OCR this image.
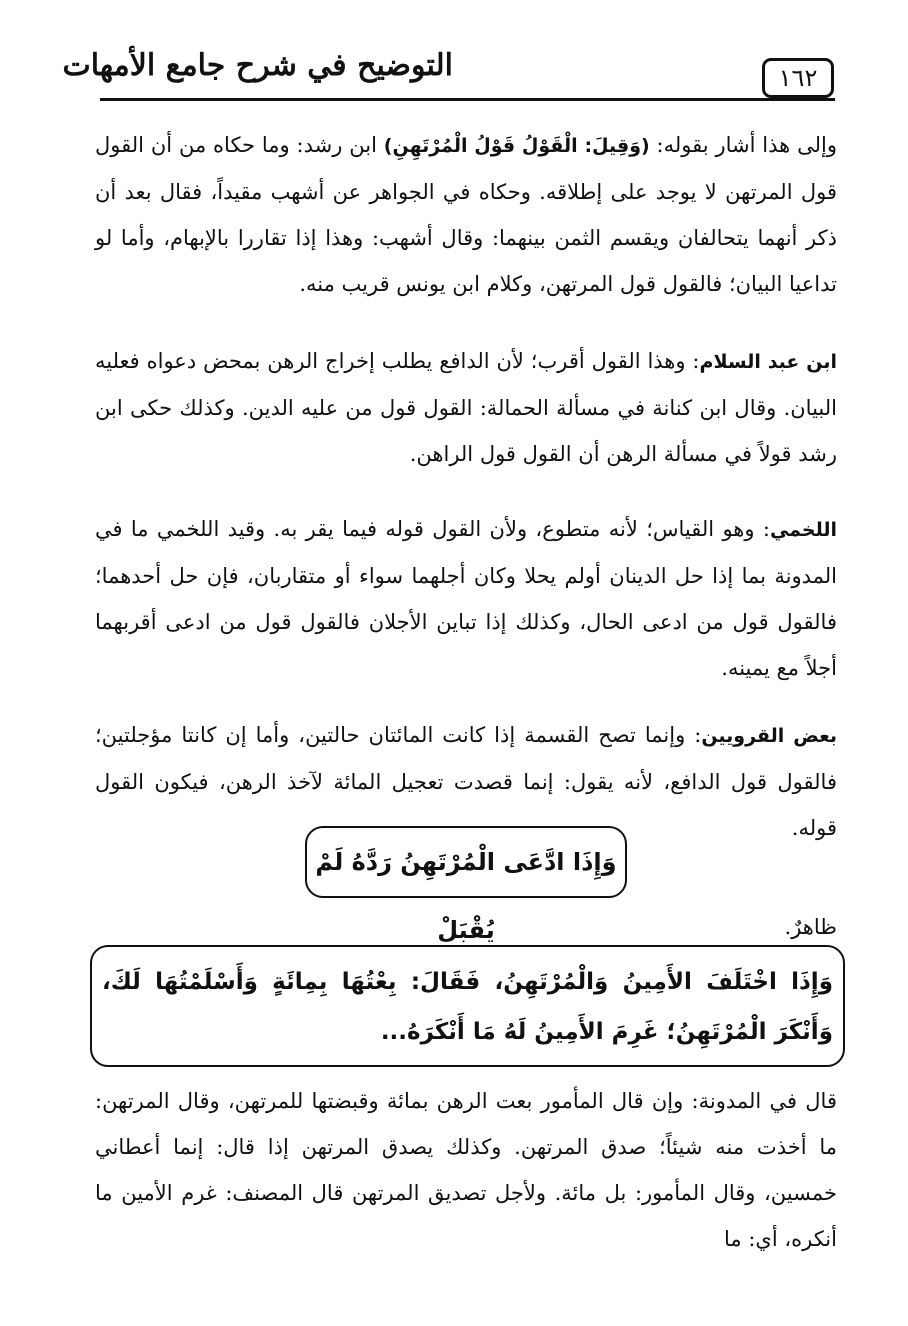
التوضيح في شرح جامع الأمهات	١٦٢
وإلى هذا أشار بقوله: (وَقِيلَ: الْقَوْلُ قَوْلُ الْمُرْتَهِنِ) ابن رشد: وما حكاه من أن القول قول المرتهن لا يوجد على إطلاقه. وحكاه في الجواهر عن أشهب مقيداً، فقال بعد أن ذكر أنهما يتحالفان ويقسم الثمن بينهما: وقال أشهب: وهذا إذا تقاررا بالإبهام، وأما لو تداعيا البيان؛ فالقول قول المرتهن، وكلام ابن يونس قريب منه.
ابن عبد السلام: وهذا القول أقرب؛ لأن الدافع يطلب إخراج الرهن بمحض دعواه فعليه البيان. وقال ابن كنانة في مسألة الحمالة: القول قول من عليه الدين. وكذلك حكى ابن رشد قولاً في مسألة الرهن أن القول قول الراهن.
اللخمي: وهو القياس؛ لأنه متطوع، ولأن القول قوله فيما يقر به. وقيد اللخمي ما في المدونة بما إذا حل الدينان أولم يحلا وكان أجلهما سواء أو متقاربان، فإن حل أحدهما؛ فالقول قول من ادعى الحال، وكذلك إذا تباين الأجلان فالقول قول من ادعى أقربهما أجلاً مع يمينه.
بعض القرويين: وإنما تصح القسمة إذا كانت المائتان حالتين، وأما إن كانتا مؤجلتين؛ فالقول قول الدافع، لأنه يقول: إنما قصدت تعجيل المائة لآخذ الرهن، فيكون القول قوله.
وَإِذَا ادَّعَى الْمُرْتَهِنُ رَدَّهُ لَمْ يُقْبَلْ	ظاهرٌ.
وَإِذَا اخْتَلَفَ الأَمِينُ وَالْمُرْتَهِنُ، فَقَالَ: بِعْتُهَا بِمِائَةٍ وَأَسْلَمْتُهَا لَكَ، وَأَنْكَرَ الْمُرْتَهِنُ؛ غَرِمَ الأَمِينُ لَهُ مَا أَنْكَرَهُ...
قال في المدونة: وإن قال المأمور بعت الرهن بمائة وقبضتها للمرتهن، وقال المرتهن: ما أخذت منه شيئاً؛ صدق المرتهن. وكذلك يصدق المرتهن إذا قال: إنما أعطاني خمسين، وقال المأمور: بل مائة. ولأجل تصديق المرتهن قال المصنف: غرم الأمين ما أنكره، أي: ما
